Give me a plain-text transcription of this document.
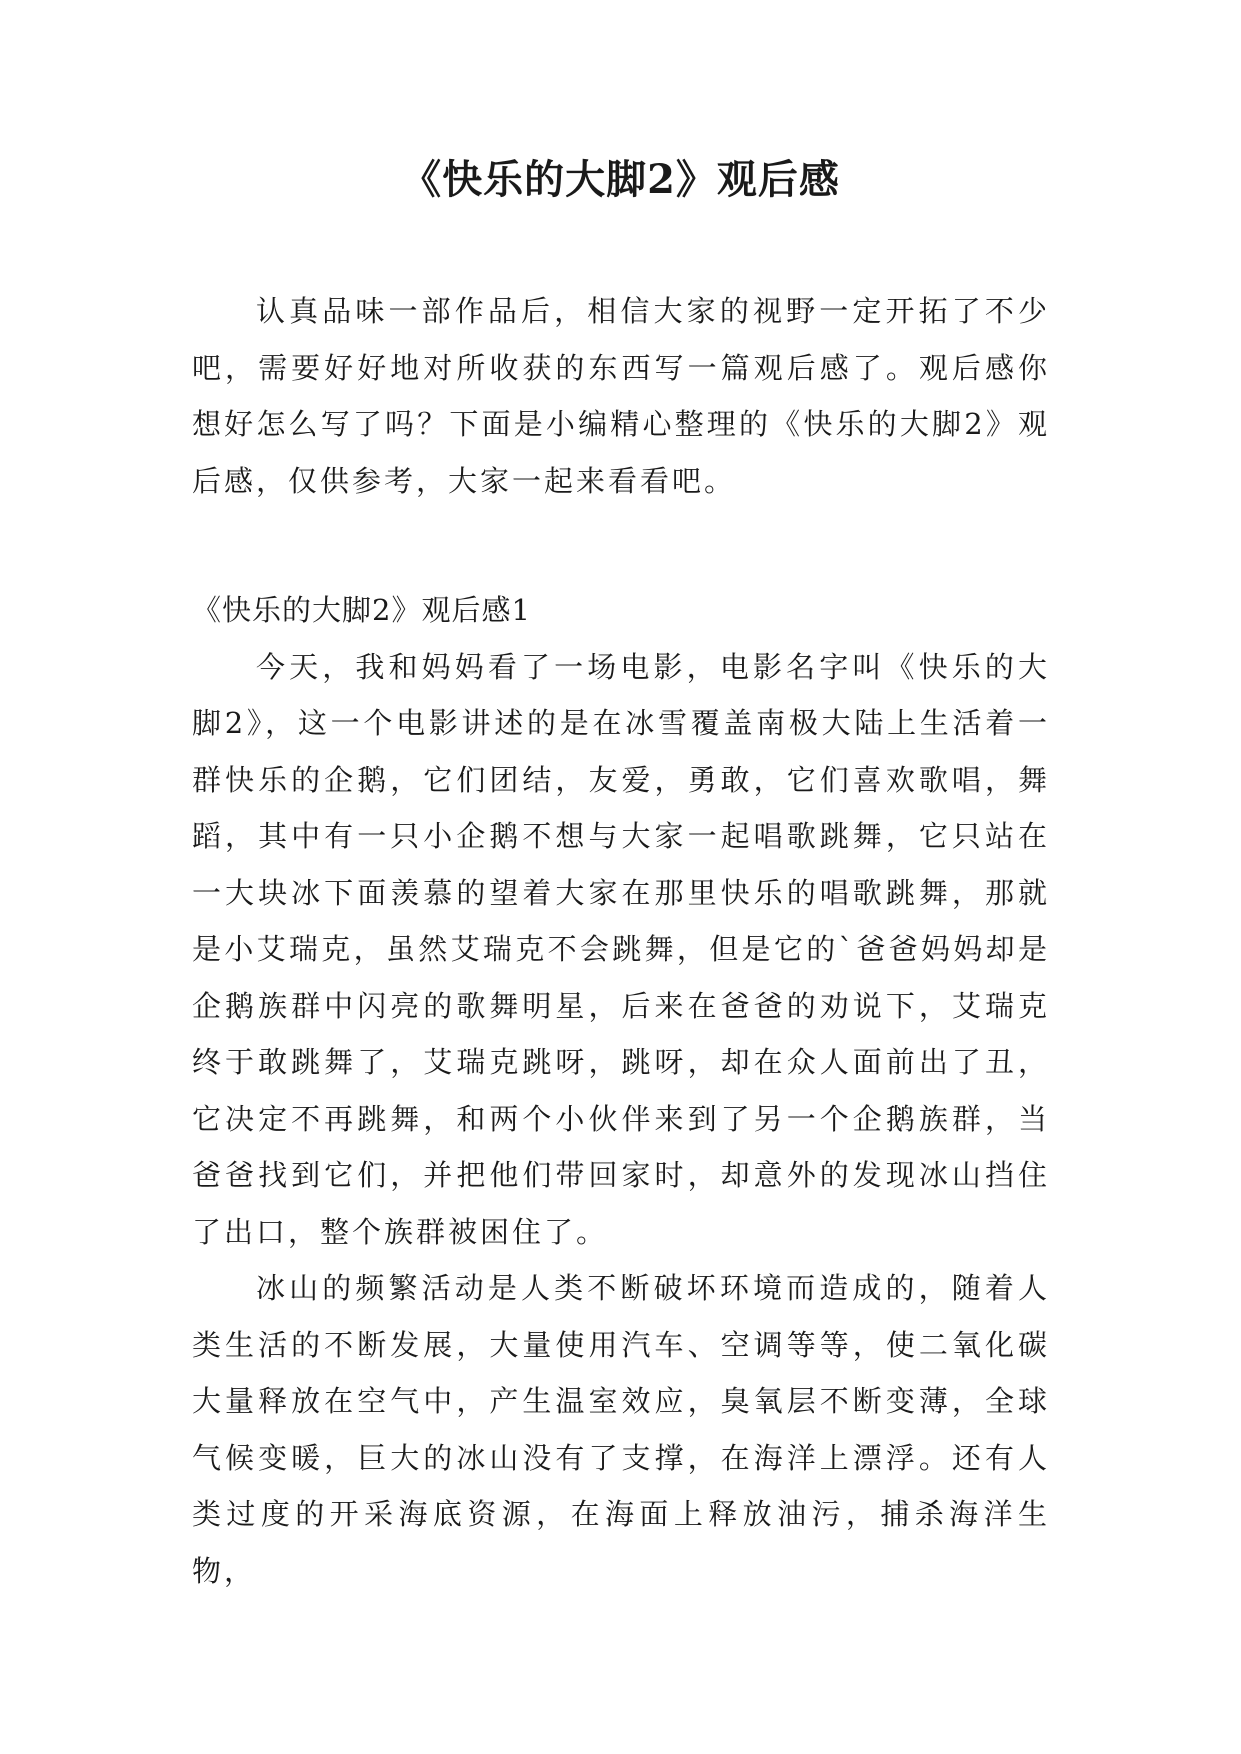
《快乐的大脚2》观后感

认真品味一部作品后，相信大家的视野一定开拓了不少吧，需要好好地对所收获的东西写一篇观后感了。观后感你想好怎么写了吗？下面是小编精心整理的《快乐的大脚2》观后感，仅供参考，大家一起来看看吧。

《快乐的大脚2》观后感1

今天，我和妈妈看了一场电影，电影名字叫《快乐的大脚2》，这一个电影讲述的是在冰雪覆盖南极大陆上生活着一群快乐的企鹅，它们团结，友爱，勇敢，它们喜欢歌唱，舞蹈，其中有一只小企鹅不想与大家一起唱歌跳舞，它只站在一大块冰下面羡慕的望着大家在那里快乐的唱歌跳舞，那就是小艾瑞克，虽然艾瑞克不会跳舞，但是它的`爸爸妈妈却是企鹅族群中闪亮的歌舞明星，后来在爸爸的劝说下，艾瑞克终于敢跳舞了，艾瑞克跳呀，跳呀，却在众人面前出了丑，它决定不再跳舞，和两个小伙伴来到了另一个企鹅族群，当爸爸找到它们，并把他们带回家时，却意外的发现冰山挡住了出口，整个族群被困住了。

冰山的频繁活动是人类不断破坏环境而造成的，随着人类生活的不断发展，大量使用汽车、空调等等，使二氧化碳大量释放在空气中，产生温室效应，臭氧层不断变薄，全球气候变暖，巨大的冰山没有了支撑，在海洋上漂浮。还有人类过度的开采海底资源，在海面上释放油污，捕杀海洋生物，
